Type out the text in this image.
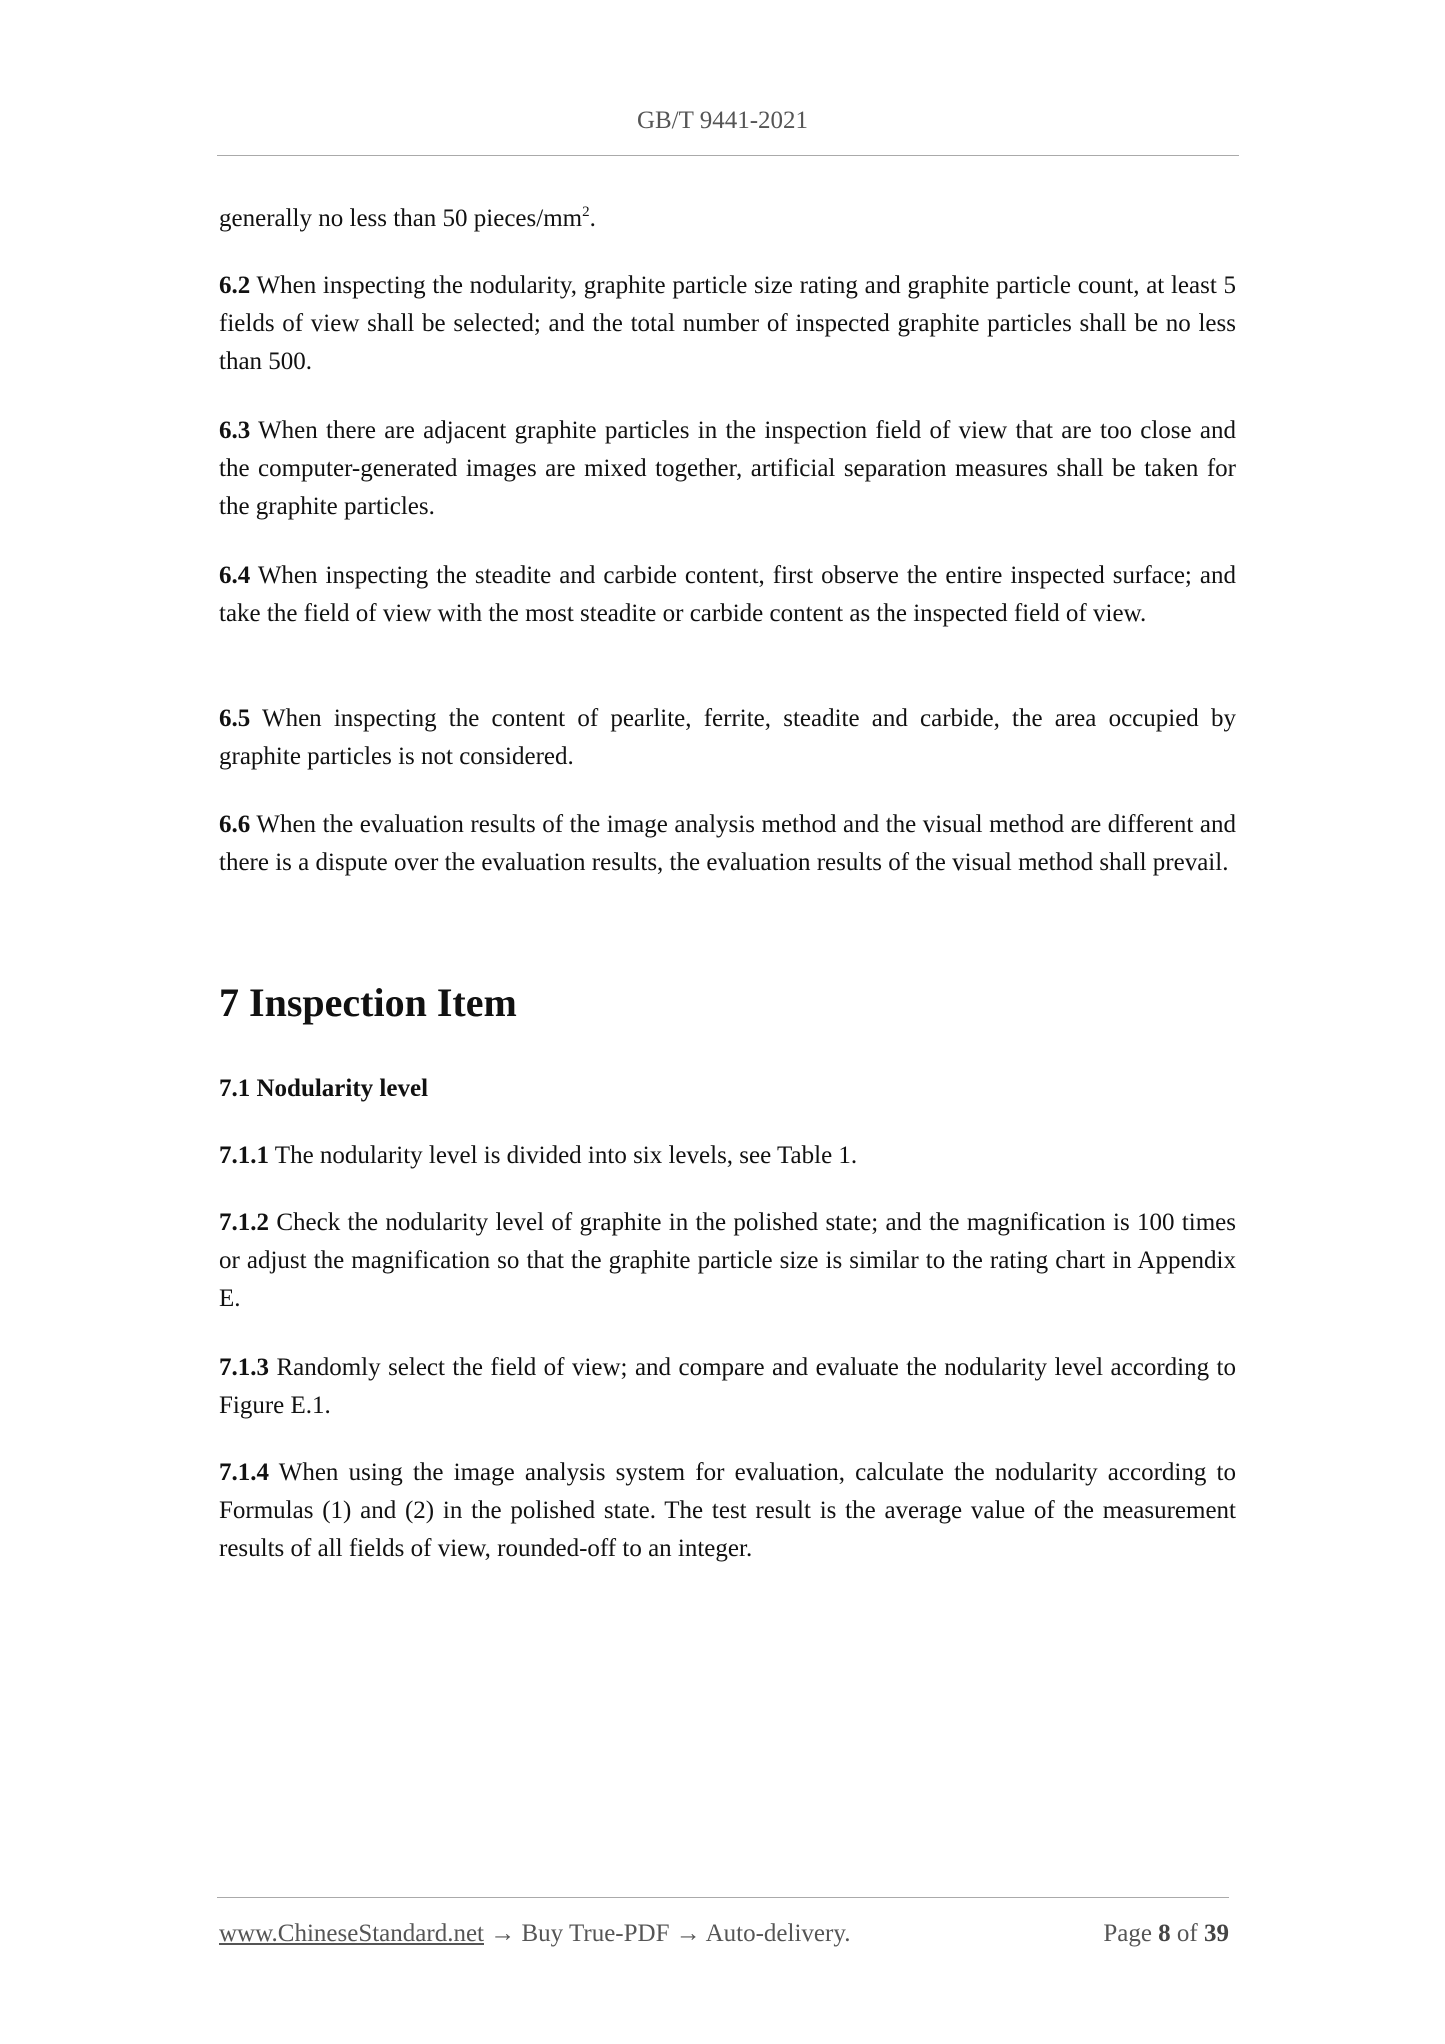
GB/T 9441-2021

generally no less than 50 pieces/$mm^2$.

6.2 When inspecting the nodularity, graphite particle size rating and graphite particle count, at least 5 fields of view shall be selected; and the total number of inspected graphite particles shall be no less than 500.

6.3 When there are adjacent graphite particles in the inspection field of view that are too close and the computer-generated images are mixed together, artificial separation measures shall be taken for the graphite particles.

6.4 When inspecting the steadite and carbide content, first observe the entire inspected surface; and take the field of view with the most steadite or carbide content as the inspected field of view.

6.5 When inspecting the content of pearlite, ferrite, steadite and carbide, the area occupied by graphite particles is not considered.

6.6 When the evaluation results of the image analysis method and the visual method are different and there is a dispute over the evaluation results, the evaluation results of the visual method shall prevail.

7 Inspection Item
7.1 Nodularity level

7.1.1 The nodularity level is divided into six levels, see Table 1.

7.1.2 Check the nodularity level of graphite in the polished state; and the magnification is 100 times or adjust the magnification so that the graphite particle size is similar to the rating chart in Appendix E.

7.1.3 Randomly select the field of view; and compare and evaluate the nodularity level according to Figure E.1.

7.1.4 When using the image analysis system for evaluation, calculate the nodularity according to Formulas (1) and (2) in the polished state. The test result is the average value of the measurement results of all fields of view, rounded-off to an integer.

www.ChineseStandard.net → Buy True-PDF → Auto-delivery.	Page 8 of 39
